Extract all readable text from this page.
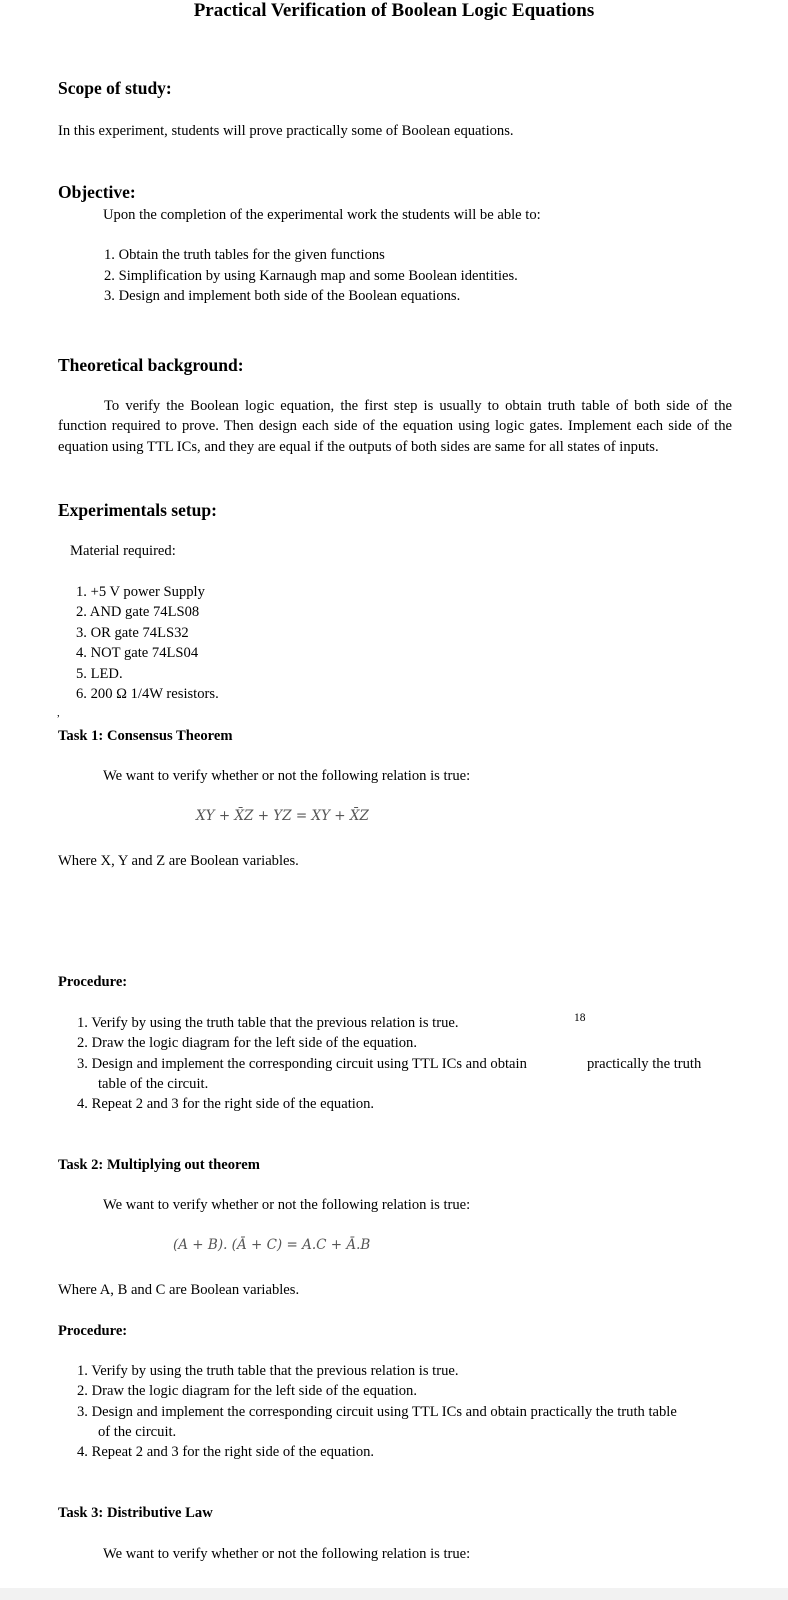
Practical Verification of Boolean Logic Equations
Scope of study:
In this experiment, students will prove practically some of Boolean equations.
Objective:
Upon the completion of the experimental work the students will be able to:
1. Obtain the truth tables for the given functions
2. Simplification by using Karnaugh map and some Boolean identities.
3. Design and implement both side of the Boolean equations.
Theoretical background:
To verify the Boolean logic equation, the first step is usually to obtain truth table of both side of the function required to prove. Then design each side of the equation using logic gates. Implement each side of the equation using TTL ICs, and they are equal if the outputs of both sides are same for all states of inputs.
Experimentals setup:
Material required:
1. +5 V power Supply
2. AND gate 74LS08
3. OR gate 74LS32
4. NOT gate 74LS04
5. LED.
6. 200 Ω 1/4W resistors.
,
Task 1: Consensus Theorem
We want to verify whether or not the following relation is true:
XY + X̄Z + YZ = XY + X̄Z
Where X, Y and Z are Boolean variables.
Procedure:
18
1. Verify by using the truth table that the previous relation is true.
2. Draw the logic diagram for the left side of the equation.
3. Design and implement the corresponding circuit using TTL ICs and obtain	practically the truth
table of the circuit.
4. Repeat 2 and 3 for the right side of the equation.
Task 2: Multiplying out theorem
We want to verify whether or not the following relation is true:
(A + B). (Ā + C) = A.C + Ā.B
Where A, B and C are Boolean variables.
Procedure:
1. Verify by using the truth table that the previous relation is true.
2. Draw the logic diagram for the left side of the equation.
3. Design and implement the corresponding circuit using TTL ICs and obtain practically the truth table
of the circuit.
4. Repeat 2 and 3 for the right side of the equation.
Task 3: Distributive Law
We want to verify whether or not the following relation is true:
